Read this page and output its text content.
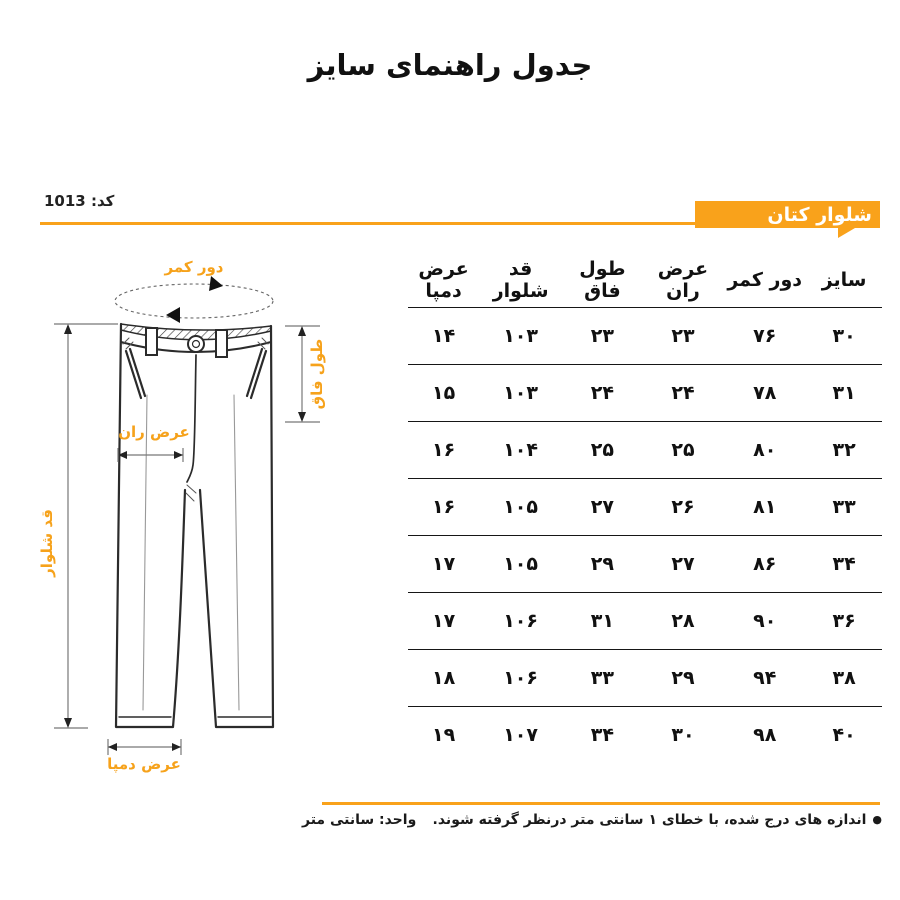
جدول راهنمای سایز
کد: 1013
شلوار کتان
دور کمر
قد شلوار
طول فاق
عرض ران
عرض دمپا
سایز	دور کمر	عرض ران	طول فاق	قد شلوار	عرض دمپا
۳۰	۷۶	۲۳	۲۳	۱۰۳	۱۴
۳۱	۷۸	۲۴	۲۴	۱۰۳	۱۵
۳۲	۸۰	۲۵	۲۵	۱۰۴	۱۶
۳۳	۸۱	۲۶	۲۷	۱۰۵	۱۶
۳۴	۸۶	۲۷	۲۹	۱۰۵	۱۷
۳۶	۹۰	۲۸	۳۱	۱۰۶	۱۷
۳۸	۹۴	۲۹	۳۳	۱۰۶	۱۸
۴۰	۹۸	۳۰	۳۴	۱۰۷	۱۹
●اندازه های درج شده، با خطای ۱ سانتی متر درنظر گرفته شوند.
واحد: سانتی متر
